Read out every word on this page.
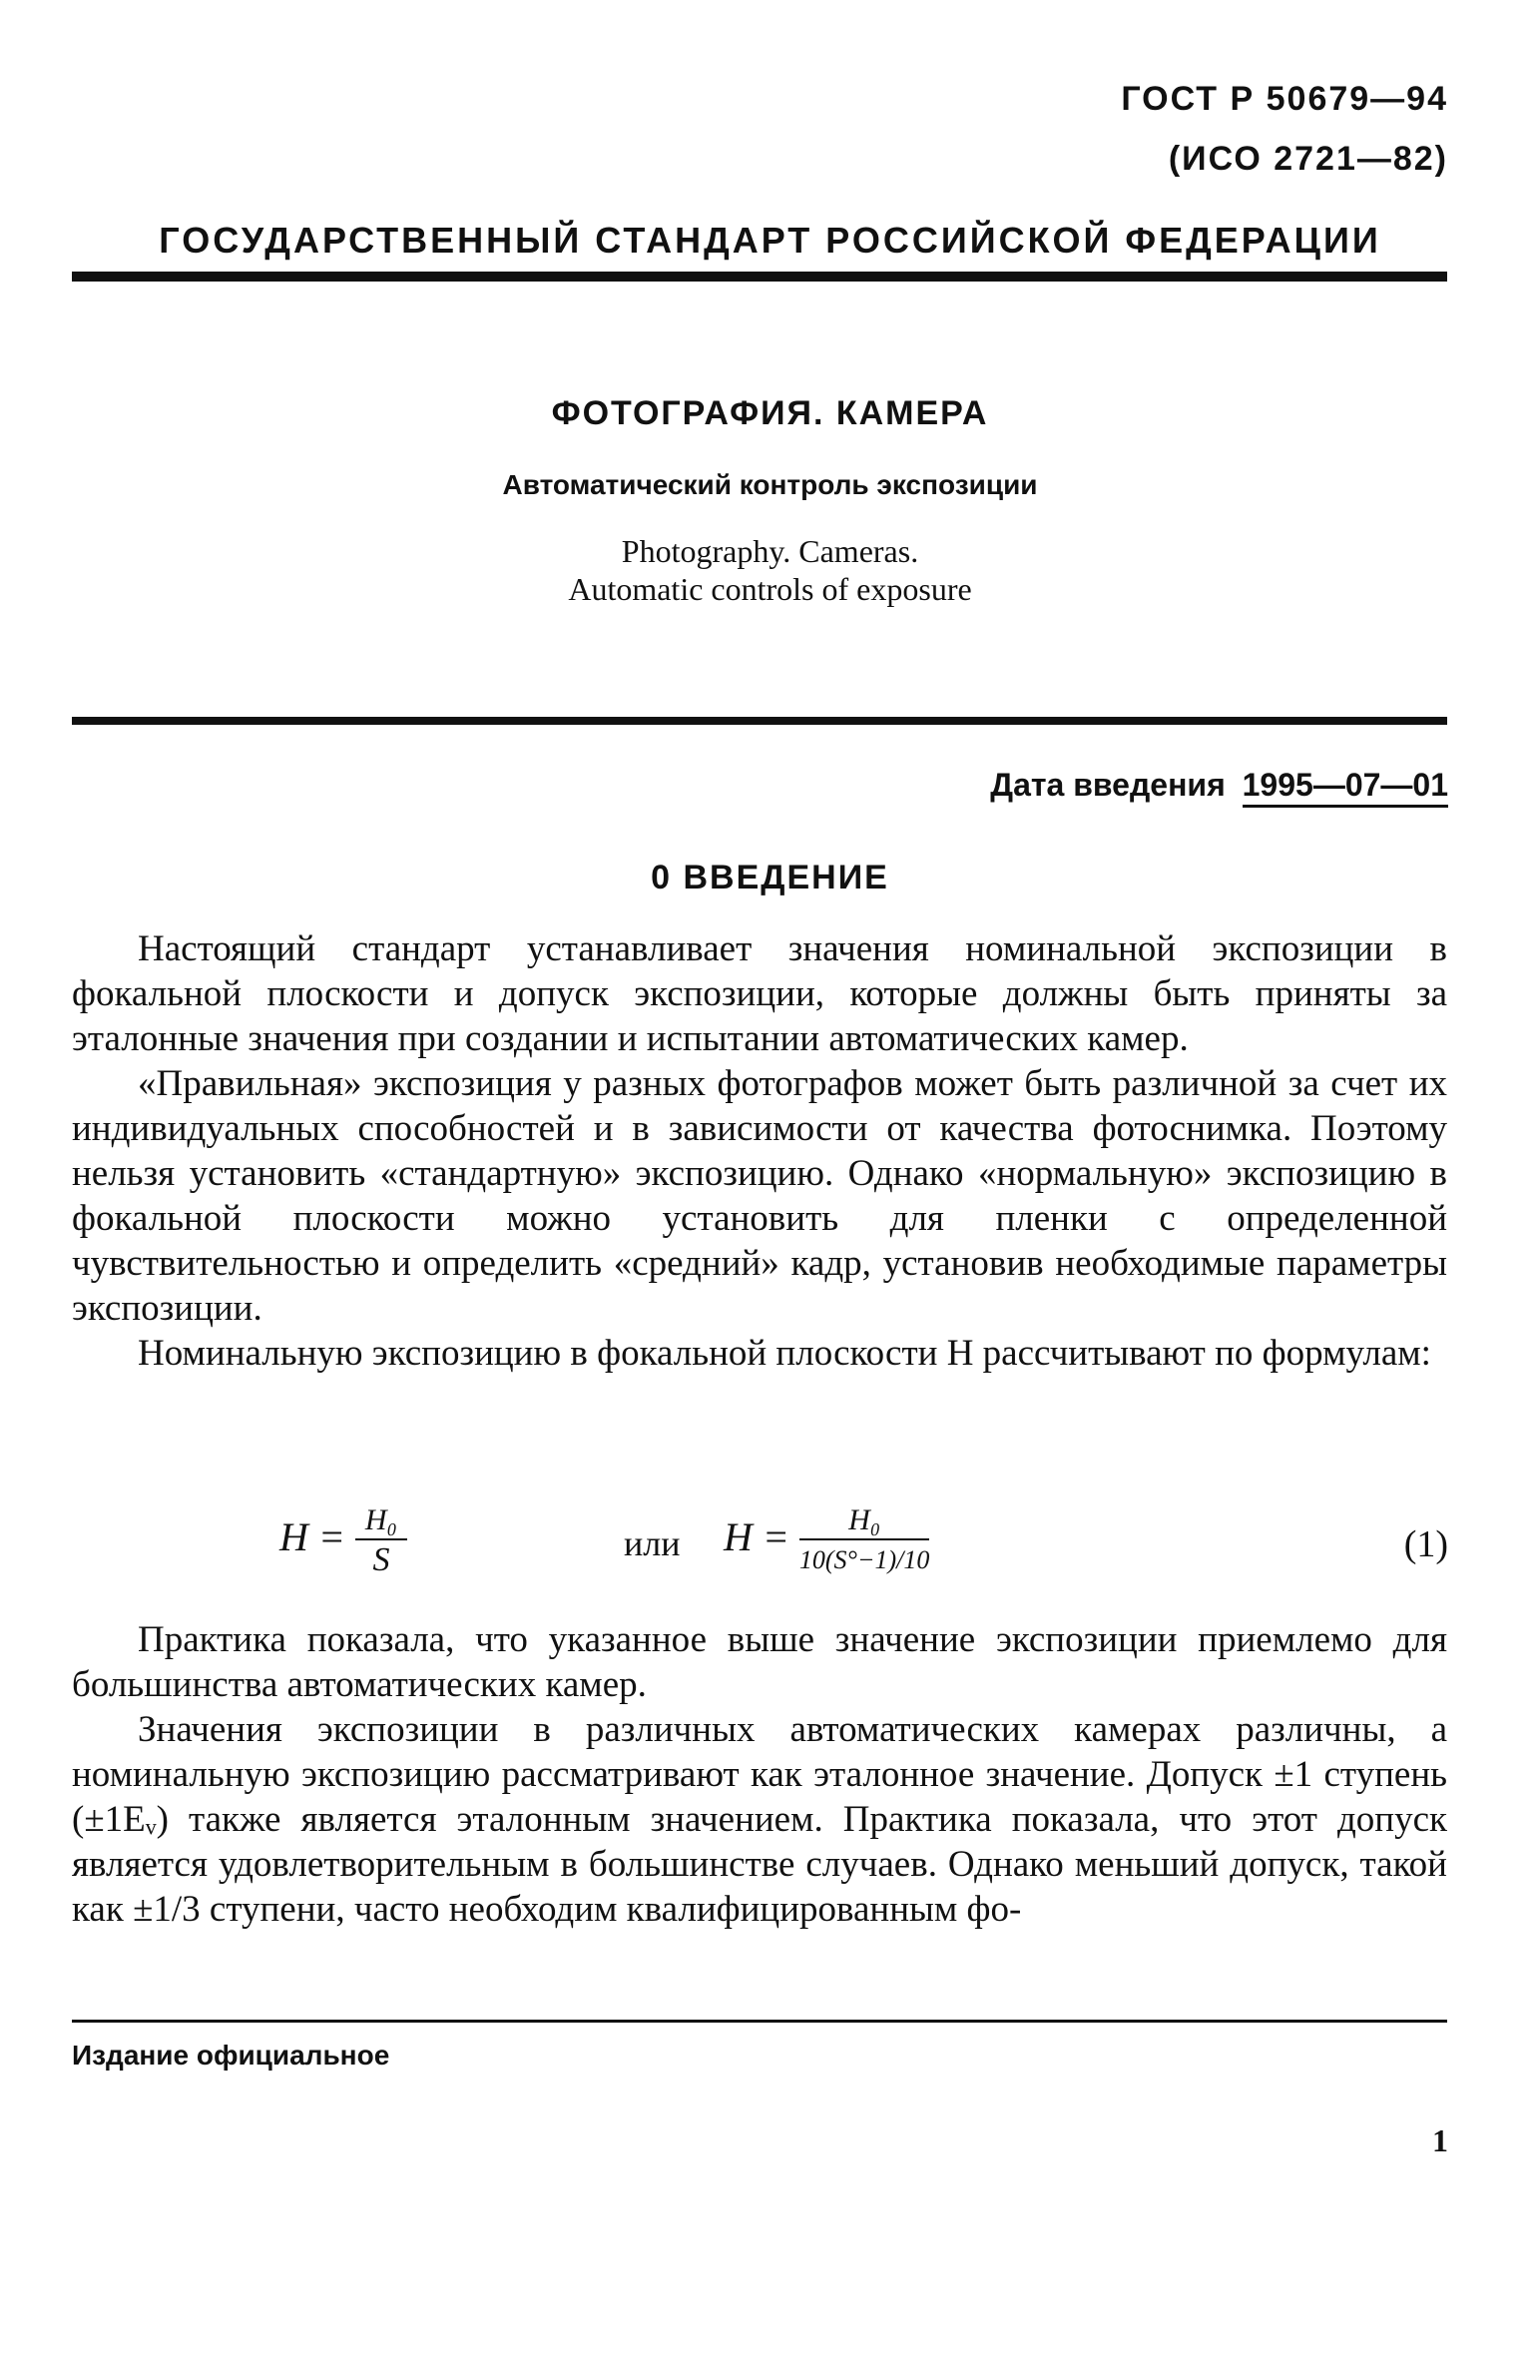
ГОСТ Р 50679—94
(ИСО 2721—82)
ГОСУДАРСТВЕННЫЙ СТАНДАРТ РОССИЙСКОЙ ФЕДЕРАЦИИ
ФОТОГРАФИЯ. КАМЕРА
Автоматический контроль экспозиции
Photography. Cameras.
Automatic controls of exposure
Дата введения 1995—07—01
0 ВВЕДЕНИЕ

Настоящий стандарт устанавливает значения номинальной экспозиции в фокальной плоскости и допуск экспозиции, которые должны быть приняты за эталонные значения при создании и испытании автоматических камер.

«Правильная» экспозиция у разных фотографов может быть различной за счет их индивидуальных способностей и в зависимости от качества фотоснимка. Поэтому нельзя установить «стандартную» экспозицию. Однако «нормальную» экспозицию в фокальной плоскости можно установить для пленки с определенной чувствительностью и определить «средний» кадр, установив необходимые параметры экспозиции.

Номинальную экспозицию в фокальной плоскости H рассчитывают по формулам:

$H = \frac{\text{H₀}}{S}$	или $H = \frac{\text{H₀}}{10(S^\circ-1)/10}$	(1)

Практика показала, что указанное выше значение экспозиции приемлемо для большинства автоматических камер.

Значения экспозиции в различных автоматических камерах различны, а номинальную экспозицию рассматривают как эталонное значение. Допуск ±1 ступень (±1Eᵥ) также является эталонным значением. Практика показала, что этот допуск является удовлетворительным в большинстве случаев. Однако меньший допуск, такой как ±1/3 ступени, часто необходим квалифицированным фо-

Издание официальное
1
